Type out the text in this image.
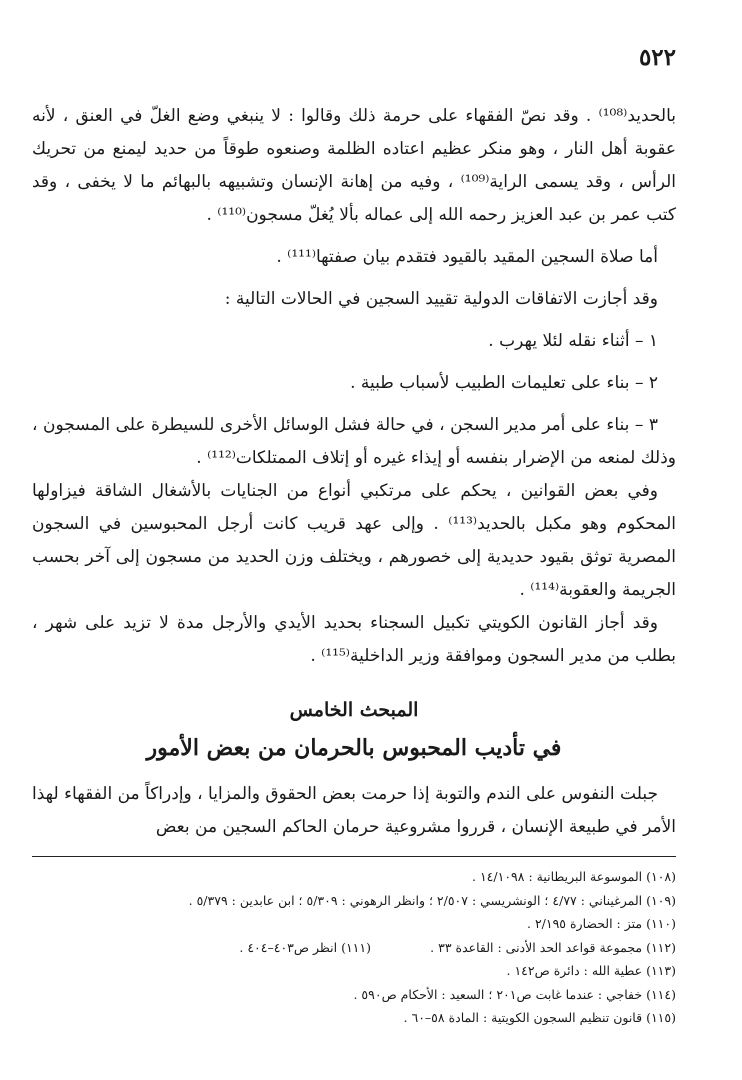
٥٢٢

بالحديد⁽¹⁰⁸⁾ . وقد نصّ الفقهاء على حرمة ذلك وقالوا : لا ينبغي وضع الغلّ في العنق ، لأنه عقوبة أهل النار ، وهو منكر عظيم اعتاده الظلمة وصنعوه طوقاً من حديد ليمنع من تحريك الرأس ، وقد يسمى الراية⁽¹⁰⁹⁾ ، وفيه من إهانة الإنسان وتشبيهه بالبهائم ما لا يخفى ، وقد كتب عمر بن عبد العزيز رحمه الله إلى عماله بألا يُغلّ مسجون⁽¹¹⁰⁾ .

أما صلاة السجين المقيد بالقيود فتقدم بيان صفتها⁽¹¹¹⁾ .

وقد أجازت الاتفاقات الدولية تقييد السجين في الحالات التالية :

١ – أثناء نقله لئلا يهرب .

٢ – بناء على تعليمات الطبيب لأسباب طبية .

٣ – بناء على أمر مدير السجن ، في حالة فشل الوسائل الأخرى للسيطرة على المسجون ، وذلك لمنعه من الإضرار بنفسه أو إيذاء غيره أو إتلاف الممتلكات⁽¹¹²⁾ .

وفي بعض القوانين ، يحكم على مرتكبي أنواع من الجنايات بالأشغال الشاقة فيزاولها المحكوم وهو مكبل بالحديد⁽¹¹³⁾ . وإلى عهد قريب كانت أرجل المحبوسين في السجون المصرية توثق بقيود حديدية إلى خصورهم ، ويختلف وزن الحديد من مسجون إلى آخر بحسب الجريمة والعقوبة⁽¹¹⁴⁾ .

وقد أجاز القانون الكويتي تكبيل السجناء بحديد الأيدي والأرجل مدة لا تزيد على شهر ، بطلب من مدير السجون وموافقة وزير الداخلية⁽¹¹⁵⁾ .

المبحث الخامس
في تأديب المحبوس بالحرمان من بعض الأمور

جبلت النفوس على الندم والتوبة إذا حرمت بعض الحقوق والمزايا ، وإدراكاً من الفقهاء لهذا الأمر في طبيعة الإنسان ، قرروا مشروعية حرمان الحاكم السجين من بعض

(١٠٨) الموسوعة البريطانية : ١٤/١٠٩٨ .
(١٠٩) المرغيناني : ٤/٧٧ ؛ الونشريسي : ٢/٥٠٧ ؛ وانظر الرهوني : ٥/٣٠٩ ؛ ابن عابدين : ٥/٣٧٩ .
(١١٠) متز : الحضارة ٢/١٩٥ .
(١١٢) مجموعة قواعد الحد الأدنى : القاعدة ٣٣ .
(١١١) انظر ص٤٠٣–٤٠٤ .
(١١٣) عطية الله : دائرة ص١٤٢ .
(١١٤) خفاجي : عندما غابت ص٢٠١ ؛ السعيد : الأحكام ص٥٩٠ .
(١١٥) قانون تنظيم السجون الكويتية : المادة ٥٨–٦٠ .
